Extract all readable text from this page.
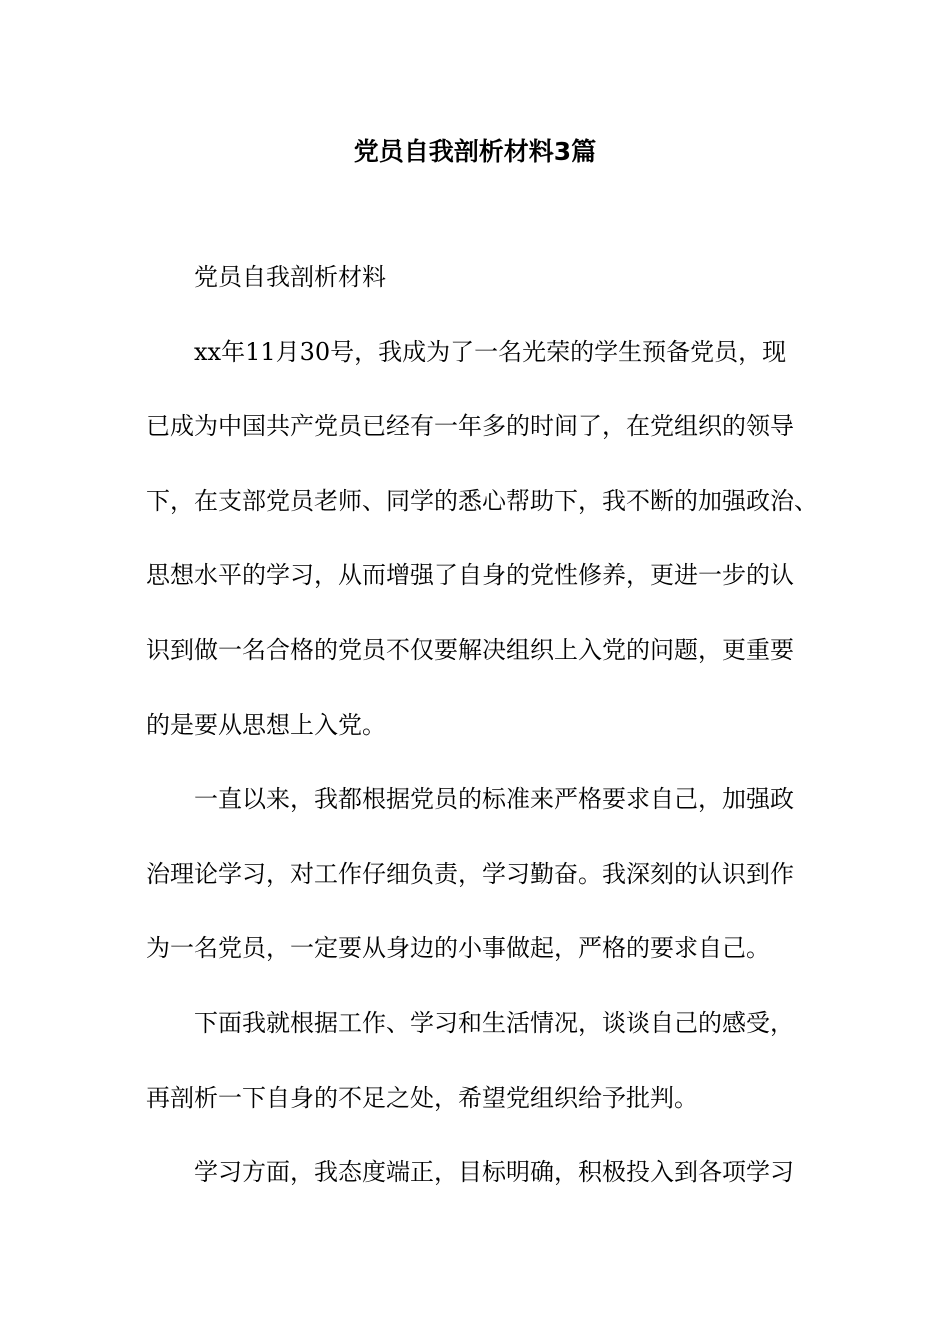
党员自我剖析材料3篇
党员自我剖析材料
xx年11月30号，我成为了一名光荣的学生预备党员，现
已成为中国共产党员已经有一年多的时间了，在党组织的领导
下，在支部党员老师、同学的悉心帮助下，我不断的加强政治、
思想水平的学习，从而增强了自身的党性修养，更进一步的认
识到做一名合格的党员不仅要解决组织上入党的问题，更重要
的是要从思想上入党。
一直以来，我都根据党员的标准来严格要求自己，加强政
治理论学习，对工作仔细负责，学习勤奋。我深刻的认识到作
为一名党员，一定要从身边的小事做起，严格的要求自己。
下面我就根据工作、学习和生活情况，谈谈自己的感受，
再剖析一下自身的不足之处，希望党组织给予批判。
学习方面，我态度端正，目标明确，积极投入到各项学习
